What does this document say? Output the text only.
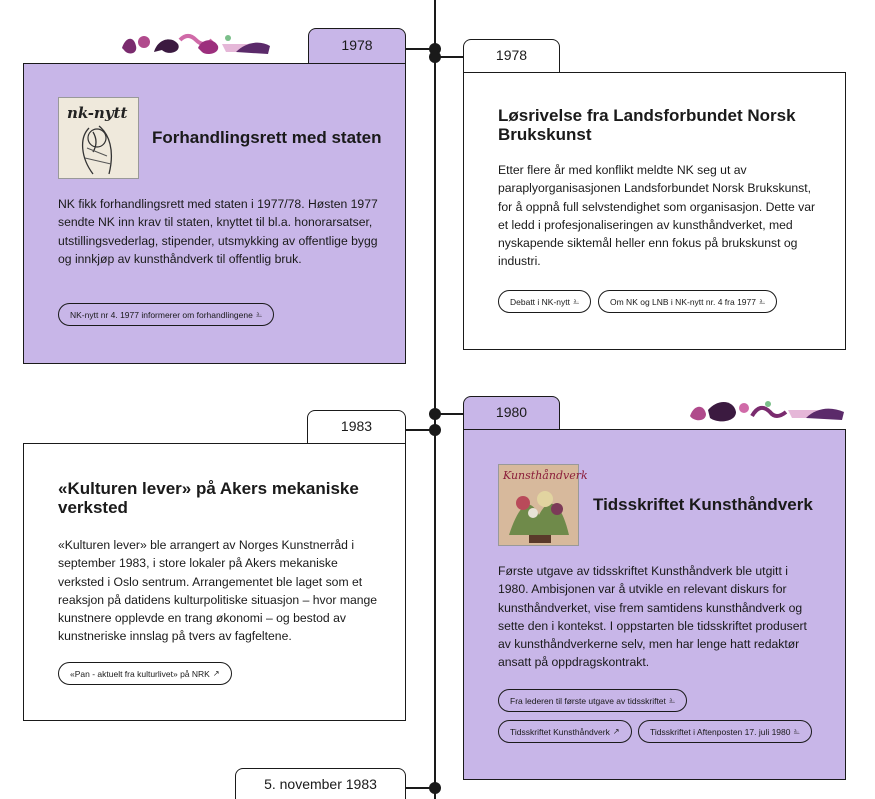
1978
nk-nytt
Forhandlingsrett med staten
NK fikk forhandlingsrett med staten i 1977/78. Høsten 1977 sendte NK inn krav til staten, knyttet til bl.a. honorarsatser, utstillingsvederlag, stipender, utsmykking av offentlige bygg og innkjøp av kunsthåndverk til offentlig bruk.
NK-nytt nr 4. 1977 informerer om forhandlingene ⎁
1978
Løsrivelse fra Landsforbundet Norsk Brukskunst
Etter flere år med konflikt meldte NK seg ut av paraplyorganisasjonen Landsforbundet Norsk Brukskunst, for å oppnå full selvstendighet som organisasjon. Dette var et ledd i profesjonaliseringen av kunsthåndverket, med nyskapende siktemål heller enn fokus på brukskunst og industri.
Debatt i NK-nytt ⎁	Om NK og LNB i NK-nytt nr. 4 fra 1977 ⎁
1983
«Kulturen lever» på Akers mekaniske verksted
«Kulturen lever» ble arrangert av Norges Kunstnerråd i september 1983, i store lokaler på Akers mekaniske verksted i Oslo sentrum. Arrangementet ble laget som et reaksjon på datidens kulturpolitiske situasjon – hvor mange kunstnere opplevde en trang økonomi – og bestod av kunstneriske innslag på tvers av fagfeltene.
«Pan - aktuelt fra kulturlivet» på NRK ↗
1980
Kunsthåndverk
Tidsskriftet Kunsthåndverk
Første utgave av tidsskriftet Kunsthåndverk ble utgitt i 1980. Ambisjonen var å utvikle en relevant diskurs for kunsthåndverket, vise frem samtidens kunsthåndverk og sette den i kontekst. I oppstarten ble tidsskriftet produsert av kunsthåndverkerne selv, men har lenge hatt redaktør ansatt på oppdragskontrakt.
Fra lederen til første utgave av tidsskriftet ⎁
Tidsskriftet Kunsthåndverk ↗	Tidsskriftet i Aftenposten 17. juli 1980 ⎁
5. november 1983
